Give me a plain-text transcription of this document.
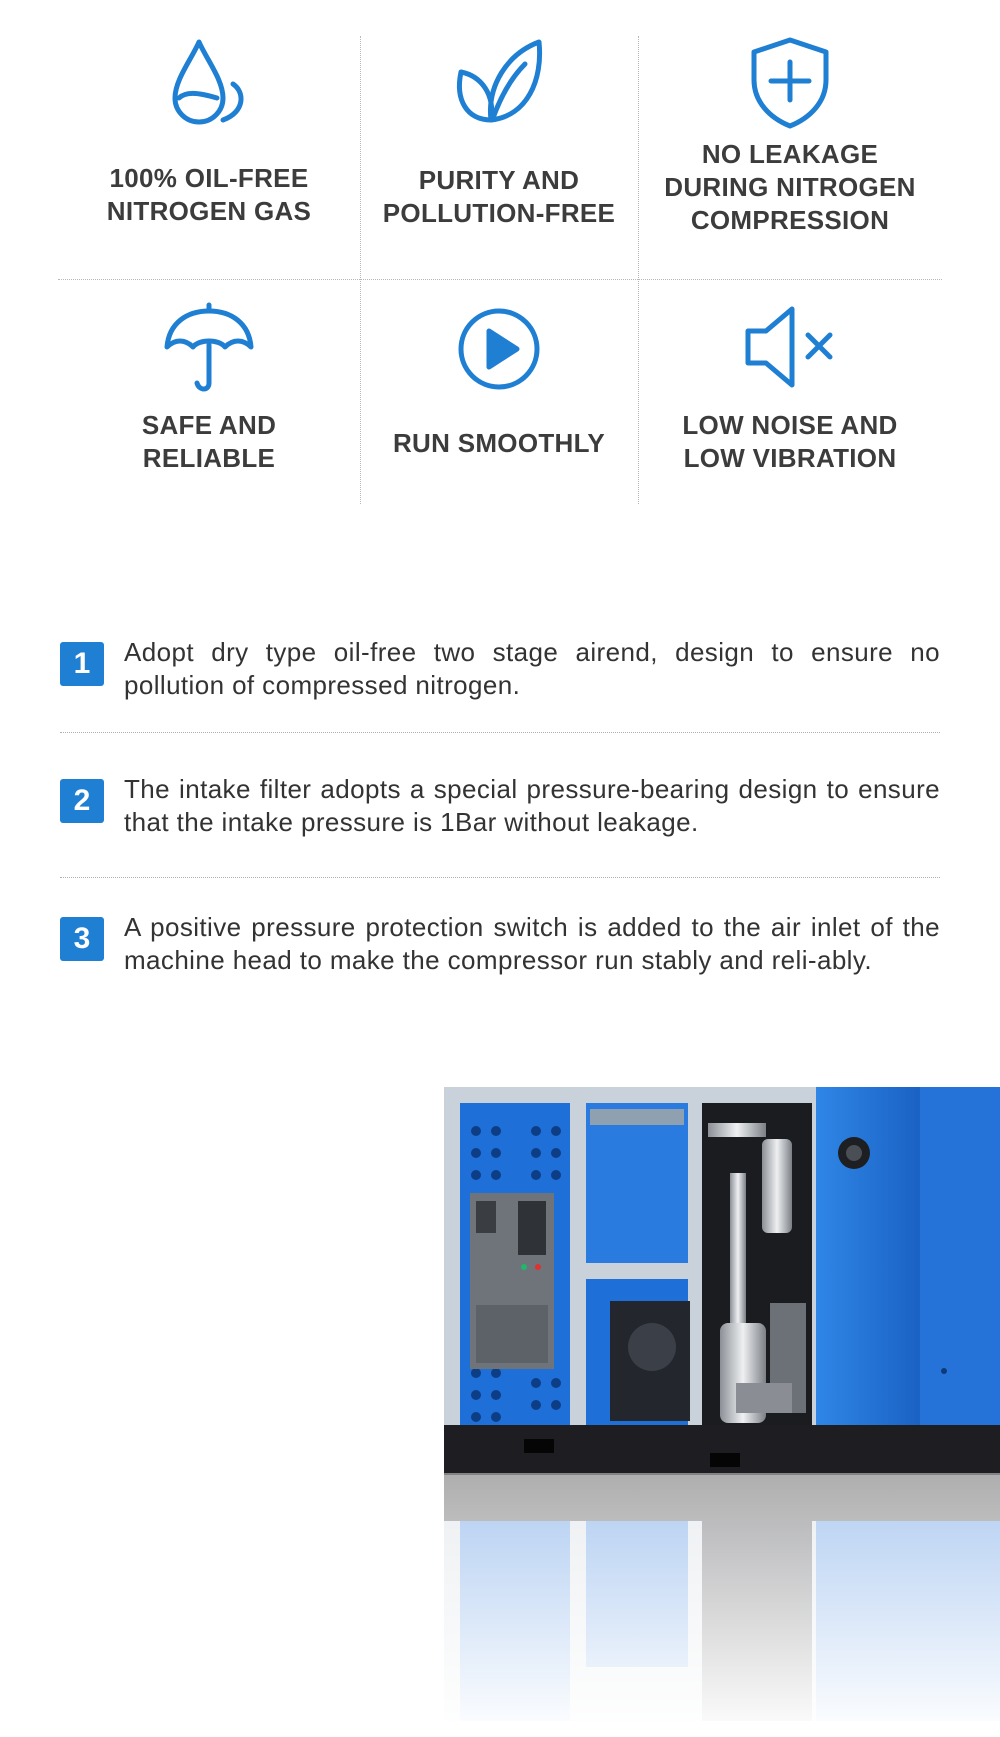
100% OIL-FREE
NITROGEN GAS
PURITY AND
POLLUTION-FREE
NO LEAKAGE
DURING NITROGEN
COMPRESSION
SAFE AND
RELIABLE	RUN SMOOTHLY
LOW NOISE AND
LOW VIBRATION
1	Adopt dry type oil-free two stage airend, design to ensure no pollution of compressed nitrogen.
2	The intake filter adopts a special pressure-bearing design to ensure that the intake pressure is 1Bar without leakage.
3	A positive pressure protection switch is added to the air inlet of the machine head to make the compressor run stably and reli-ably.
